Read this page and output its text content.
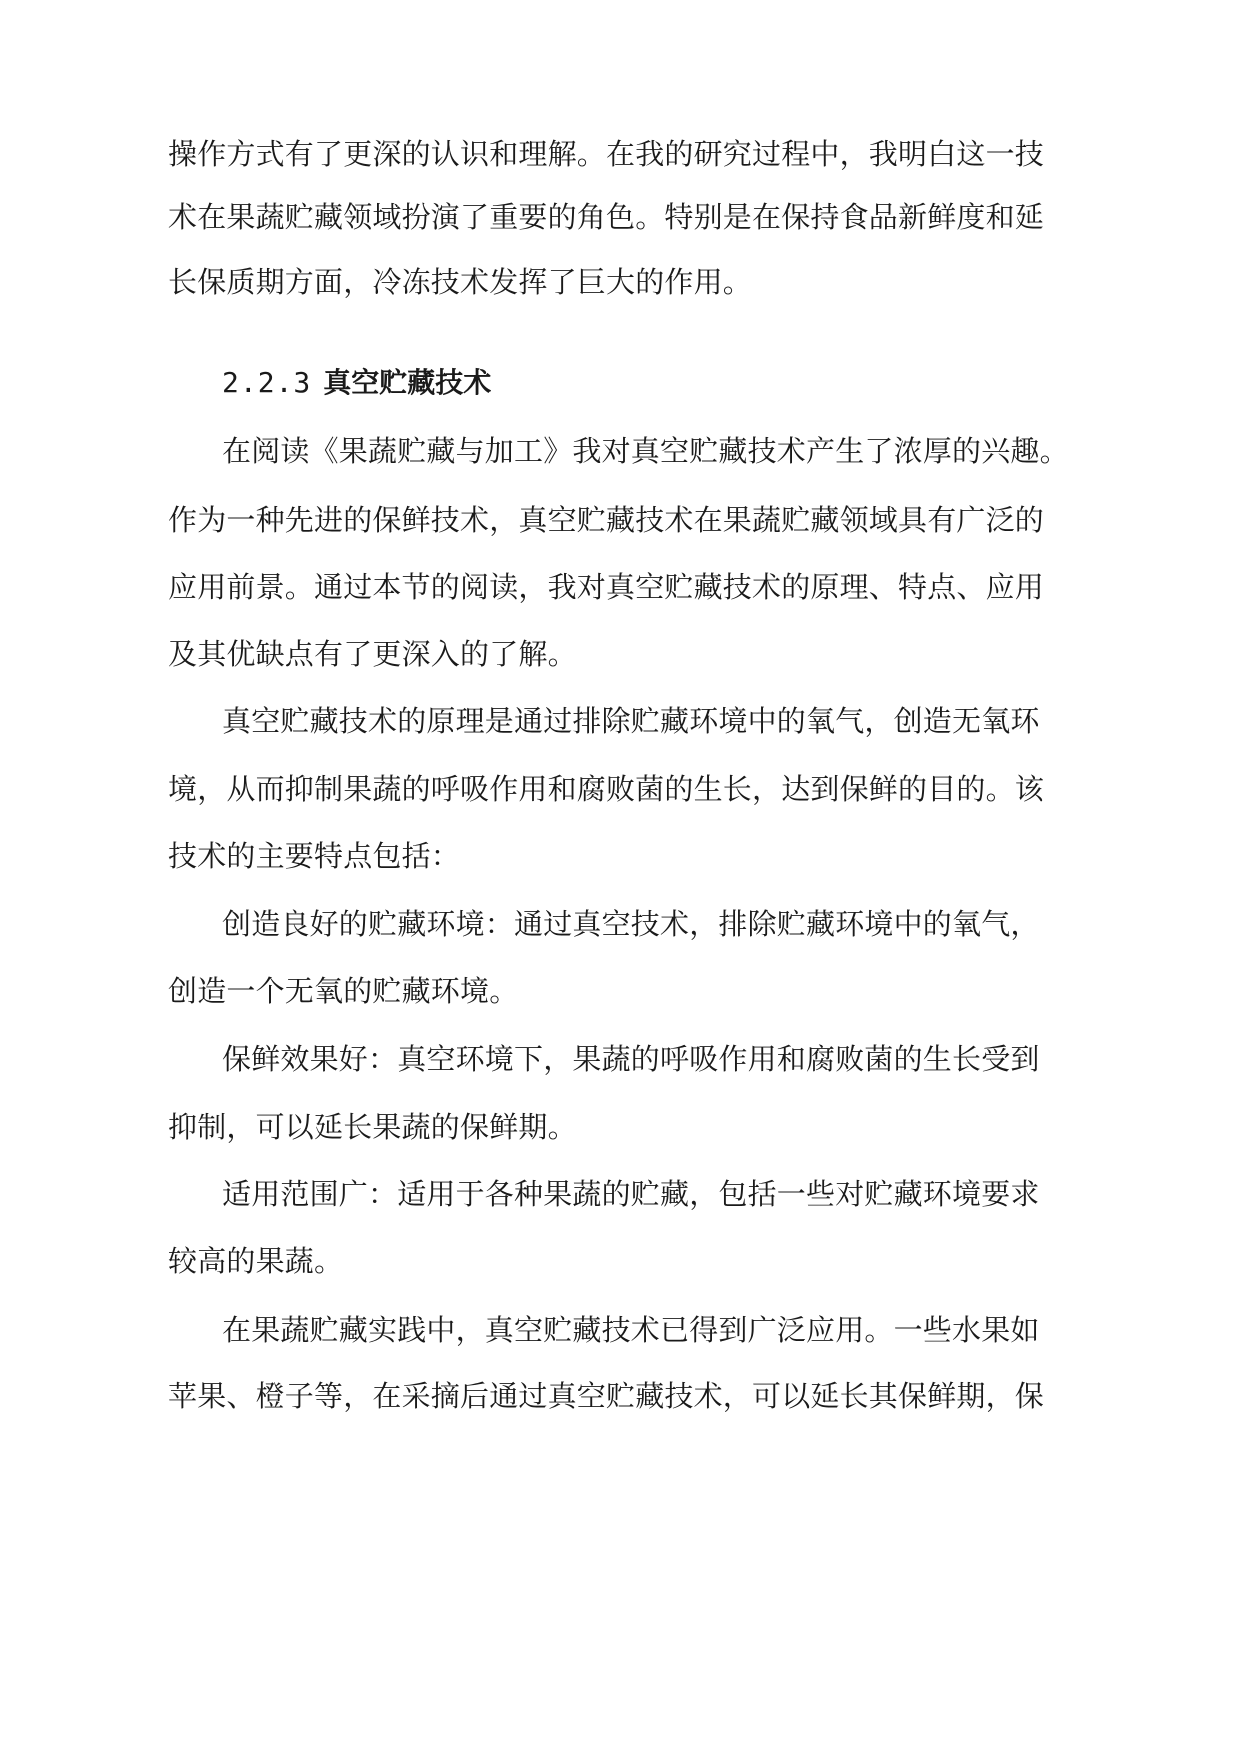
操作方式有了更深的认识和理解。在我的研究过程中，我明白这一技
术在果蔬贮藏领域扮演了重要的角色。特别是在保持食品新鲜度和延
长保质期方面，冷冻技术发挥了巨大的作用。
2.2.3 真空贮藏技术
在阅读《果蔬贮藏与加工》我对真空贮藏技术产生了浓厚的兴趣。
作为一种先进的保鲜技术，真空贮藏技术在果蔬贮藏领域具有广泛的
应用前景。通过本节的阅读，我对真空贮藏技术的原理、特点、应用
及其优缺点有了更深入的了解。
真空贮藏技术的原理是通过排除贮藏环境中的氧气，创造无氧环
境，从而抑制果蔬的呼吸作用和腐败菌的生长，达到保鲜的目的。该
技术的主要特点包括：
创造良好的贮藏环境：通过真空技术，排除贮藏环境中的氧气，
创造一个无氧的贮藏环境。
保鲜效果好：真空环境下，果蔬的呼吸作用和腐败菌的生长受到
抑制，可以延长果蔬的保鲜期。
适用范围广：适用于各种果蔬的贮藏，包括一些对贮藏环境要求
较高的果蔬。
在果蔬贮藏实践中，真空贮藏技术已得到广泛应用。一些水果如
苹果、橙子等，在采摘后通过真空贮藏技术，可以延长其保鲜期，保
